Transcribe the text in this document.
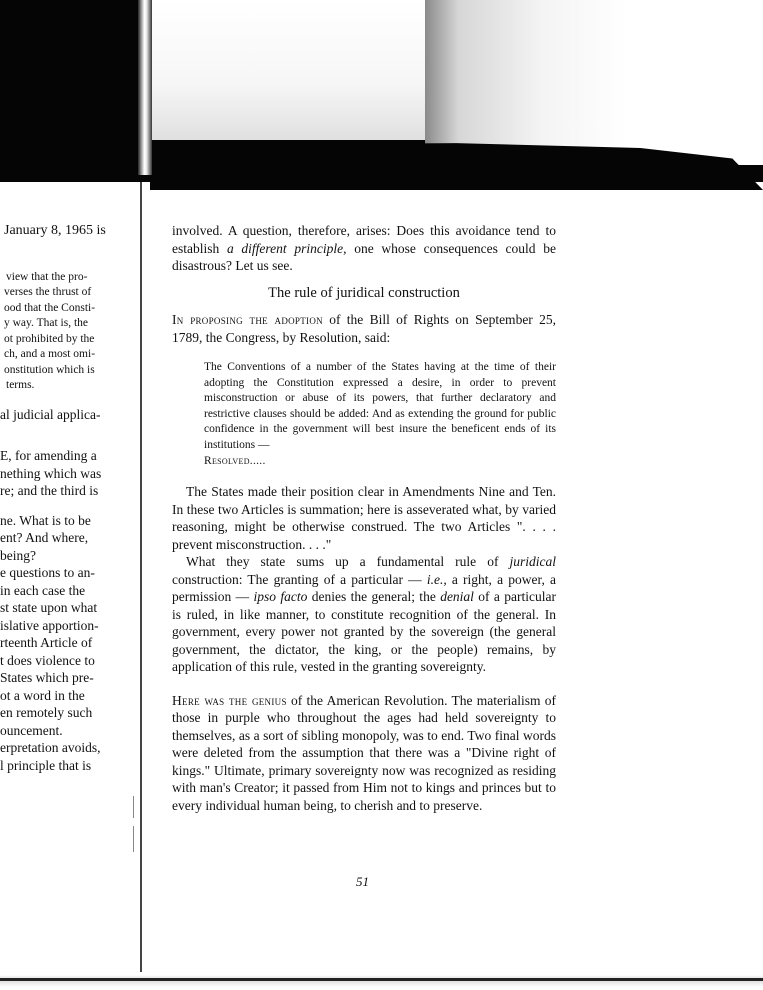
January 8, 1965 is
view that the pro-
verses the thrust of
ood that the Consti-
y way. That is, the
ot prohibited by the
ch, and a most omi-
onstitution which is
terms.
al judicial applica-
E, for amending a
nething which was
re; and the third is
ne. What is to be
ent? And where,
being?
e questions to an-
in each case the
st state upon what
islative apportion-
rteenth Article of
t does violence to
States which pre-
ot a word in the
en remotely such
ouncement.
erpretation avoids,
l principle that is

involved. A question, therefore, arises: Does this avoidance tend to establish a different principle, one whose consequences could be disastrous? Let us see.

The rule of juridical construction

In proposing the adoption of the Bill of Rights on September 25, 1789, the Congress, by Resolution, said:

The Conventions of a number of the States having at the time of their adopting the Constitution expressed a desire, in order to prevent misconstruction or abuse of its powers, that further declaratory and restrictive clauses should be added: And as extending the ground for public confidence in the government will best insure the beneficent ends of its institutions —
Resolved.....

The States made their position clear in Amendments Nine and Ten. In these two Articles is summation; here is asseverated what, by varied reasoning, might be otherwise construed. The two Articles ". . . . prevent misconstruction. . . ."

What they state sums up a fundamental rule of juridical construction: The granting of a particular — i.e., a right, a power, a permission — ipso facto denies the general; the denial of a particular is ruled, in like manner, to constitute recognition of the general. In government, every power not granted by the sovereign (the general government, the dictator, the king, or the people) remains, by application of this rule, vested in the granting sovereignty.

Here was the genius of the American Revolution. The materialism of those in purple who throughout the ages had held sovereignty to themselves, as a sort of sibling monopoly, was to end. Two final words were deleted from the assumption that there was a "Divine right of kings." Ultimate, primary sovereignty now was recognized as residing with man's Creator; it passed from Him not to kings and princes but to every individual human being, to cherish and to preserve.

51
